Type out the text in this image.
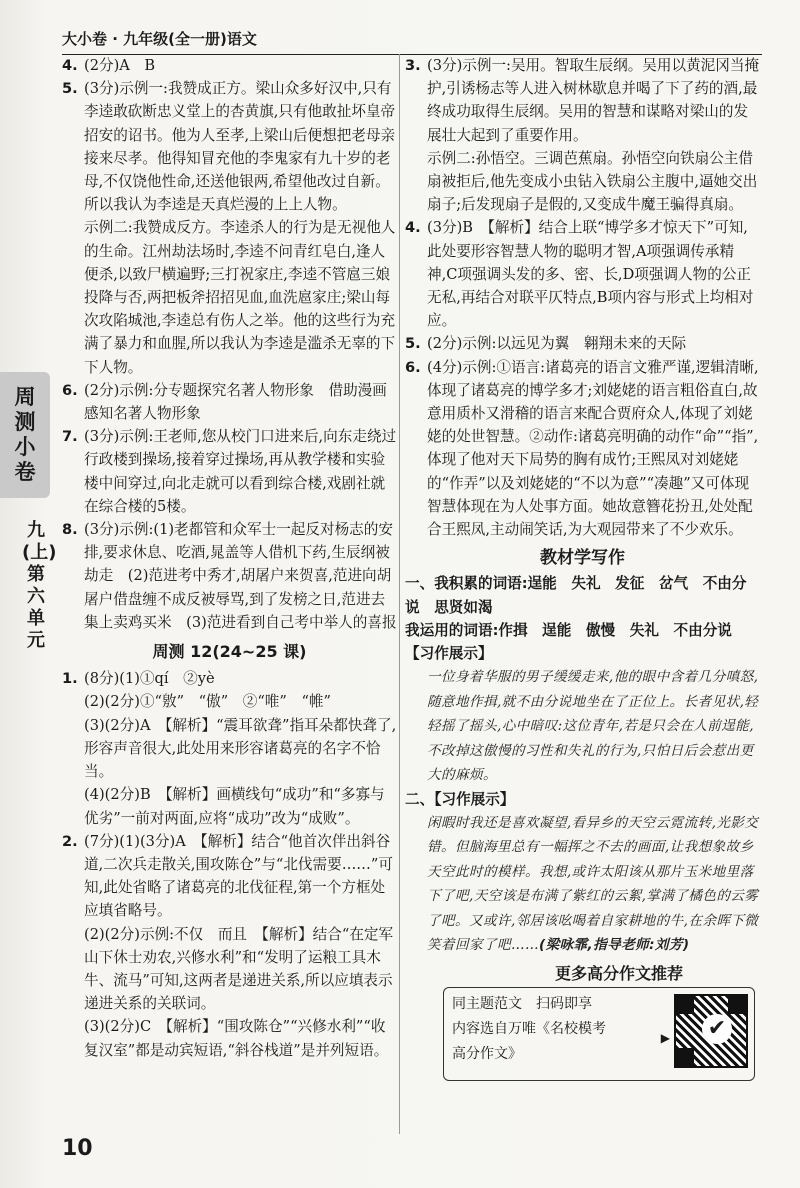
大小卷 · 九年级(全一册)语文
周
测
小
卷
九(上) 第六单元
4. (2分)A　B

5. (3分)示例一:我赞成正方。梁山众多好汉中,只有李逵敢砍断忠义堂上的杏黄旗,只有他敢扯坏皇帝招安的诏书。他为人至孝,上梁山后便想把老母亲接来尽孝。他得知冒充他的李鬼家有九十岁的老母,不仅饶他性命,还送他银两,希望他改过自新。所以我认为李逵是天真烂漫的上上人物。

示例二:我赞成反方。李逵杀人的行为是无视他人的生命。江州劫法场时,李逵不问青红皂白,逢人便杀,以致尸横遍野;三打祝家庄,李逵不管扈三娘投降与否,两把板斧招招见血,血洗扈家庄;梁山每次攻陷城池,李逵总有伤人之举。他的这些行为充满了暴力和血腥,所以我认为李逵是滥杀无辜的下下人物。

6. (2分)示例:分专题探究名著人物形象　借助漫画感知名著人物形象

7. (3分)示例:王老师,您从校门口进来后,向东走绕过行政楼到操场,接着穿过操场,再从教学楼和实验楼中间穿过,向北走就可以看到综合楼,戏剧社就在综合楼的5楼。

8. (3分)示例:(1)老都管和众军士一起反对杨志的安排,要求休息、吃酒,晁盖等人借机下药,生辰纲被劫走　(2)范进考中秀才,胡屠户来贺喜,范进向胡屠户借盘缠不成反被辱骂,到了发榜之日,范进去集上卖鸡买米　(3)范进看到自己考中举人的喜报

周测 12(24~25 课)
1. (8分)(1)①qí　②yè

(2)(2分)①“敫”　“傲”　②“唯”　“帷”

(3)(2分)A　【解析】“震耳欲聋”指耳朵都快聋了,形容声音很大,此处用来形容诸葛亮的名字不恰当。

(4)(2分)B　【解析】画横线句“成功”和“多寡与优劣”一前对两面,应将“成功”改为“成败”。

2. (7分)(1)(3分)A　【解析】结合“他首次伴出斜谷道,二次兵走散关,围攻陈仓”与“北伐需要……”可知,此处省略了诸葛亮的北伐征程,第一个方框处应填省略号。

(2)(2分)示例:不仅　而且　【解析】结合“在定军山下休士劝农,兴修水利”和“发明了运粮工具木牛、流马”可知,这两者是递进关系,所以应填表示递进关系的关联词。

(3)(2分)C　【解析】“围攻陈仓”“兴修水利”“收复汉室”都是动宾短语,“斜谷栈道”是并列短语。

3. (3分)示例一:吴用。智取生辰纲。吴用以黄泥冈当掩护,引诱杨志等人进入树林歇息并喝了下了药的酒,最终成功取得生辰纲。吴用的智慧和谋略对梁山的发展壮大起到了重要作用。

示例二:孙悟空。三调芭蕉扇。孙悟空向铁扇公主借扇被拒后,他先变成小虫钻入铁扇公主腹中,逼她交出扇子;后发现扇子是假的,又变成牛魔王骗得真扇。

4. (3分)B　【解析】结合上联“博学多才惊天下”可知,此处要形容智慧人物的聪明才智,A项强调传承精神,C项强调头发的多、密、长,D项强调人物的公正无私,再结合对联平仄特点,B项内容与形式上均相对应。

5. (2分)示例:以远见为翼　翱翔未来的天际

6. (4分)示例:①语言:诸葛亮的语言文雅严谨,逻辑清晰,体现了诸葛亮的博学多才;刘姥姥的语言粗俗直白,故意用质朴又滑稽的语言来配合贾府众人,体现了刘姥姥的处世智慧。②动作:诸葛亮明确的动作“命”“指”,体现了他对天下局势的胸有成竹;王熙凤对刘姥姥的“作弄”以及刘姥姥的“不以为意”“凑趣”又可体现智慧体现在为人处事方面。她故意簪花扮丑,处处配合王熙凤,主动闹笑话,为大观园带来了不少欢乐。

教材学写作

一、我积累的词语:逞能　失礼　发征　岔气　不由分说　思贤如渴

我运用的词语:作揖　逞能　傲慢　失礼　不由分说

【习作展示】

一位身着华服的男子缓缓走来,他的眼中含着几分嗔怒,随意地作揖,就不由分说地坐在了正位上。长者见状,轻轻摇了摇头,心中暗叹:这位青年,若是只会在人前逞能,不改掉这傲慢的习性和失礼的行为,只怕日后会惹出更大的麻烦。

二、【习作展示】

闲暇时我还是喜欢凝望,看异乡的天空云霓流转,光影交错。但脑海里总有一幅挥之不去的画面,让我想象故乡天空此时的模样。我想,或许太阳该从那片玉米地里落下了吧,天空该是布满了紫红的云絮,掌满了橘色的云雾了吧。又或许,邻居该吆喝着自家耕地的牛,在余晖下微笑着回家了吧……(梁咏霏,指导老师:刘芳)

更多高分作文推荐
同主题范文　扫码即享
内容选自万唯《名校模考
高分作文》
▶ ✔
10
